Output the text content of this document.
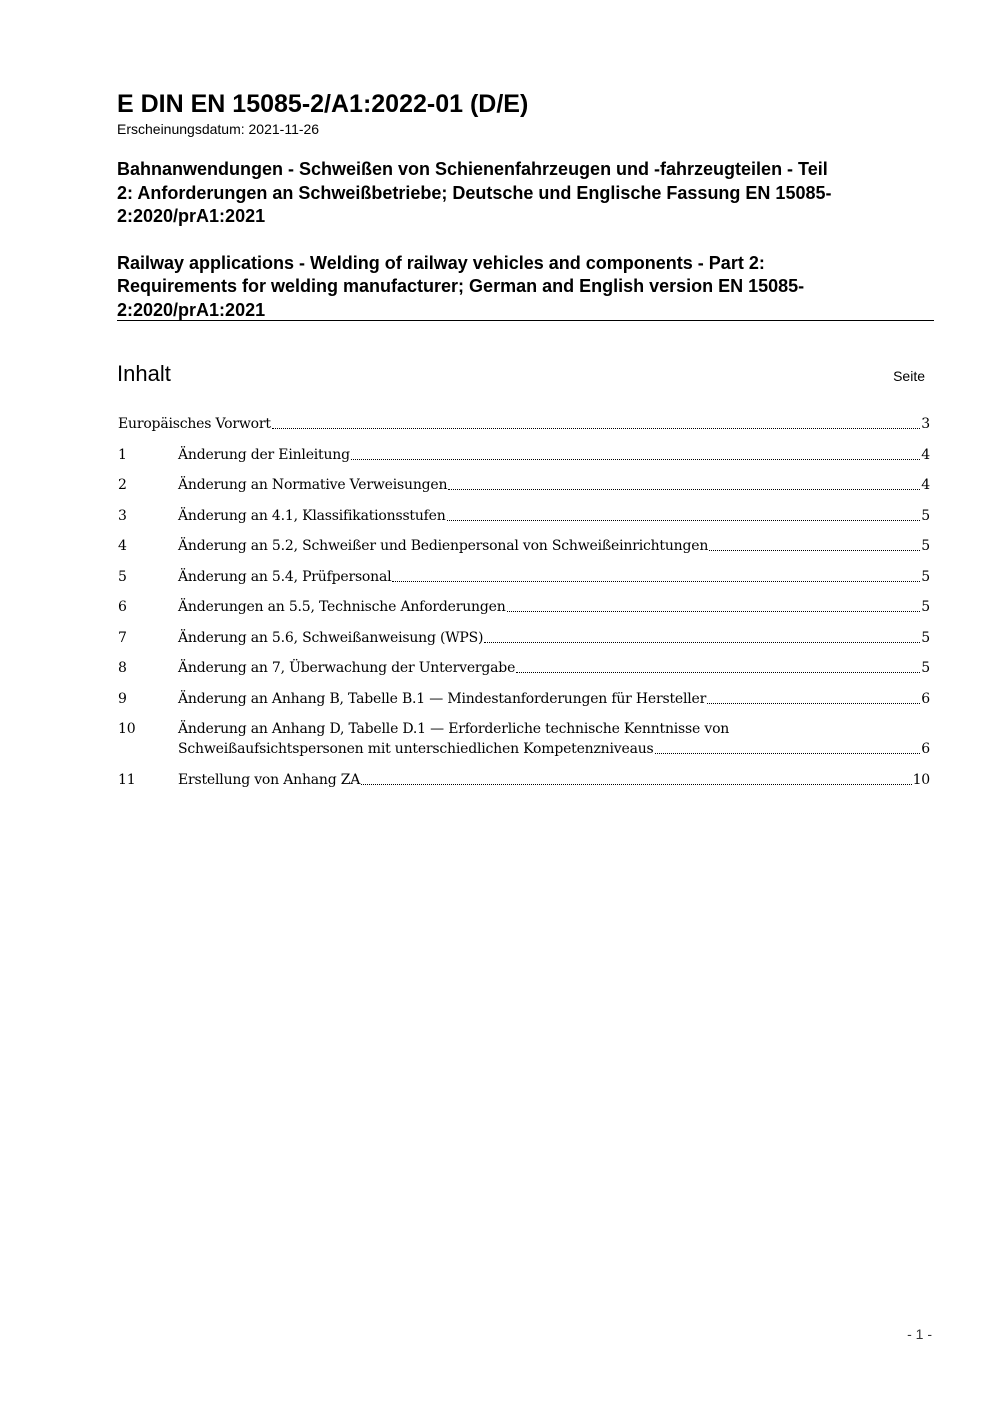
E DIN EN 15085-2/A1:2022-01 (D/E)

Erscheinungsdatum: 2021-11-26

Bahnanwendungen - Schweißen von Schienenfahrzeugen und -fahrzeugteilen - Teil
2: Anforderungen an Schweißbetriebe; Deutsche und Englische Fassung EN 15085-
2:2020/prA1:2021

Railway applications - Welding of railway vehicles and components - Part 2:
Requirements for welding manufacturer; German and English version EN 15085-
2:2020/prA1:2021

Inhalt	Seite
Europäisches Vorwort	3
1	Änderung der Einleitung	4
2	Änderung an Normative Verweisungen	4
3	Änderung an 4.1, Klassifikationsstufen	5
4	Änderung an 5.2, Schweißer und Bedienpersonal von Schweißeinrichtungen	5
5	Änderung an 5.4, Prüfpersonal	5
6	Änderungen an 5.5, Technische Anforderungen	5
7	Änderung an 5.6, Schweißanweisung (WPS)	5
8	Änderung an 7, Überwachung der Untervergabe	5
9	Änderung an Anhang B, Tabelle B.1 — Mindestanforderungen für Hersteller	6
10	Änderung an Anhang D, Tabelle D.1 — Erforderliche technische Kenntnisse von
Schweißaufsichtspersonen mit unterschiedlichen Kompetenzniveaus	6
11	Erstellung von Anhang ZA	10
- 1 -
